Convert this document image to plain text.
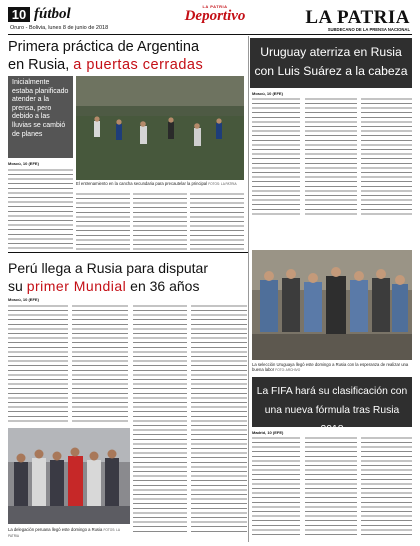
10 fútbol
Oruro - Bolivia, lunes 8 de junio de 2018
LA PATRIA
Deportivo	LA PATRIA
SUBDECANO DE LA PRENSA NACIONAL
Primera práctica de Argentina
en Rusia, a puertas cerradas
Inicialmente estaba planificado atender a la prensa, pero debido a las lluvias se cambió de planes
El entrenamiento en la cancha secundaria para precautelar la principal FOTOS: LA PATRIA
Moscú, 10 (EFE)
Uruguay aterriza en Rusia
con Luis Suárez a la cabeza
Moscú, 10 (EFE)
La selección Uruguaya llegó este domingo a Rusia con la esperanza de realizar una buena labor FOTO: ARCHIVO
Perú llega a Rusia para disputar
su primer Mundial en 36 años
Moscú, 10 (EFE)
La delegación peruana llegó este domingo a Rusia FOTOS: LA PATRIA
La FIFA hará su clasificación con
una nueva fórmula tras Rusia 2018
Madrid, 10 (EFE)
